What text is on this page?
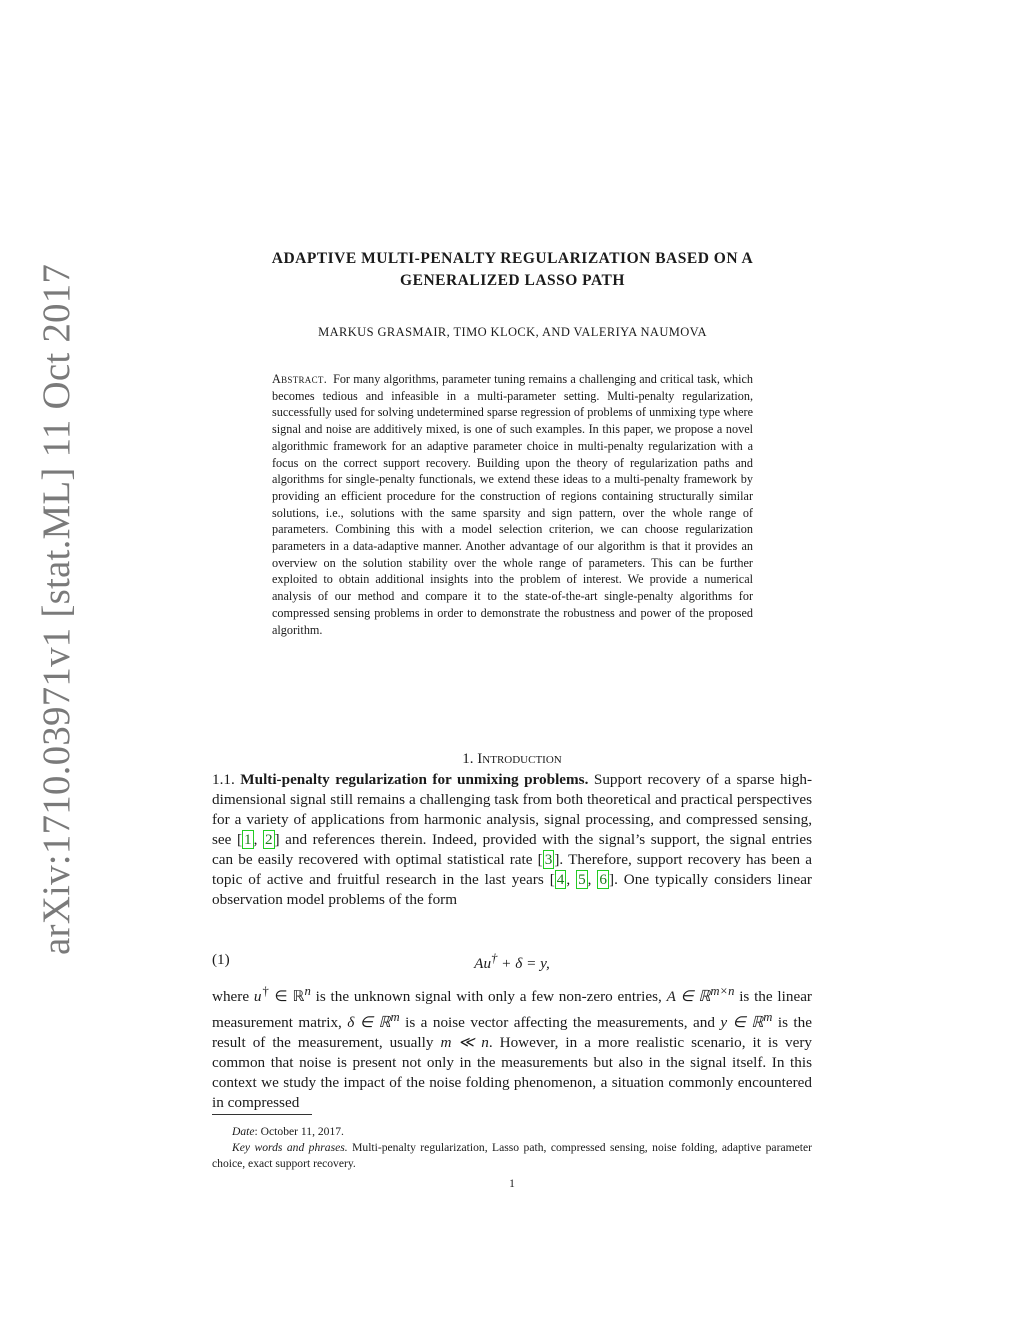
arXiv:1710.03971v1 [stat.ML] 11 Oct 2017
ADAPTIVE MULTI-PENALTY REGULARIZATION BASED ON A
GENERALIZED LASSO PATH
MARKUS GRASMAIR, TIMO KLOCK, AND VALERIYA NAUMOVA
Abstract. For many algorithms, parameter tuning remains a challenging and critical task, which becomes tedious and infeasible in a multi-parameter setting. Multi-penalty regularization, successfully used for solving undetermined sparse regression of problems of unmixing type where signal and noise are additively mixed, is one of such examples. In this paper, we propose a novel algorithmic framework for an adaptive parameter choice in multi-penalty regularization with a focus on the correct support recovery. Building upon the theory of regularization paths and algorithms for single-penalty functionals, we extend these ideas to a multi-penalty framework by providing an efficient procedure for the construction of regions containing structurally similar solutions, i.e., solutions with the same sparsity and sign pattern, over the whole range of parameters. Combining this with a model selection criterion, we can choose regularization parameters in a data-adaptive manner. Another advantage of our algorithm is that it provides an overview on the solution stability over the whole range of parameters. This can be further exploited to obtain additional insights into the problem of interest. We provide a numerical analysis of our method and compare it to the state-of-the-art single-penalty algorithms for compressed sensing problems in order to demonstrate the robustness and power of the proposed algorithm.
1. Introduction
1.1. Multi-penalty regularization for unmixing problems. Support recovery of a sparse high-dimensional signal still remains a challenging task from both theoretical and practical perspectives for a variety of applications from harmonic analysis, signal processing, and compressed sensing, see [ 1 , 2 ] and references therein. Indeed, provided with the signal’s support, the signal entries can be easily recovered with optimal statistical rate [ 3 ]. Therefore, support recovery has been a topic of active and fruitful research in the last years [ 4 , 5 , 6 ]. One typically considers linear observation model problems of the form
Au† + δ = y,
(1)
where u† ∈ ℝ$^n$ is the unknown signal with only a few non-zero entries, A ∈ ℝ$^{m\times n}$ is the linear measurement matrix, δ ∈ ℝ$^m$ is a noise vector affecting the measurements, and y ∈ ℝ$^m$ is the result of the measurement, usually m ≪ n. However, in a more realistic scenario, it is very common that noise is present not only in the measurements but also in the signal itself. In this context we study the impact of the noise folding phenomenon, a situation commonly encountered in compressed

Date: October 11, 2017.

Key words and phrases. Multi-penalty regularization, Lasso path, compressed sensing, noise folding, adaptive parameter choice, exact support recovery.

1
